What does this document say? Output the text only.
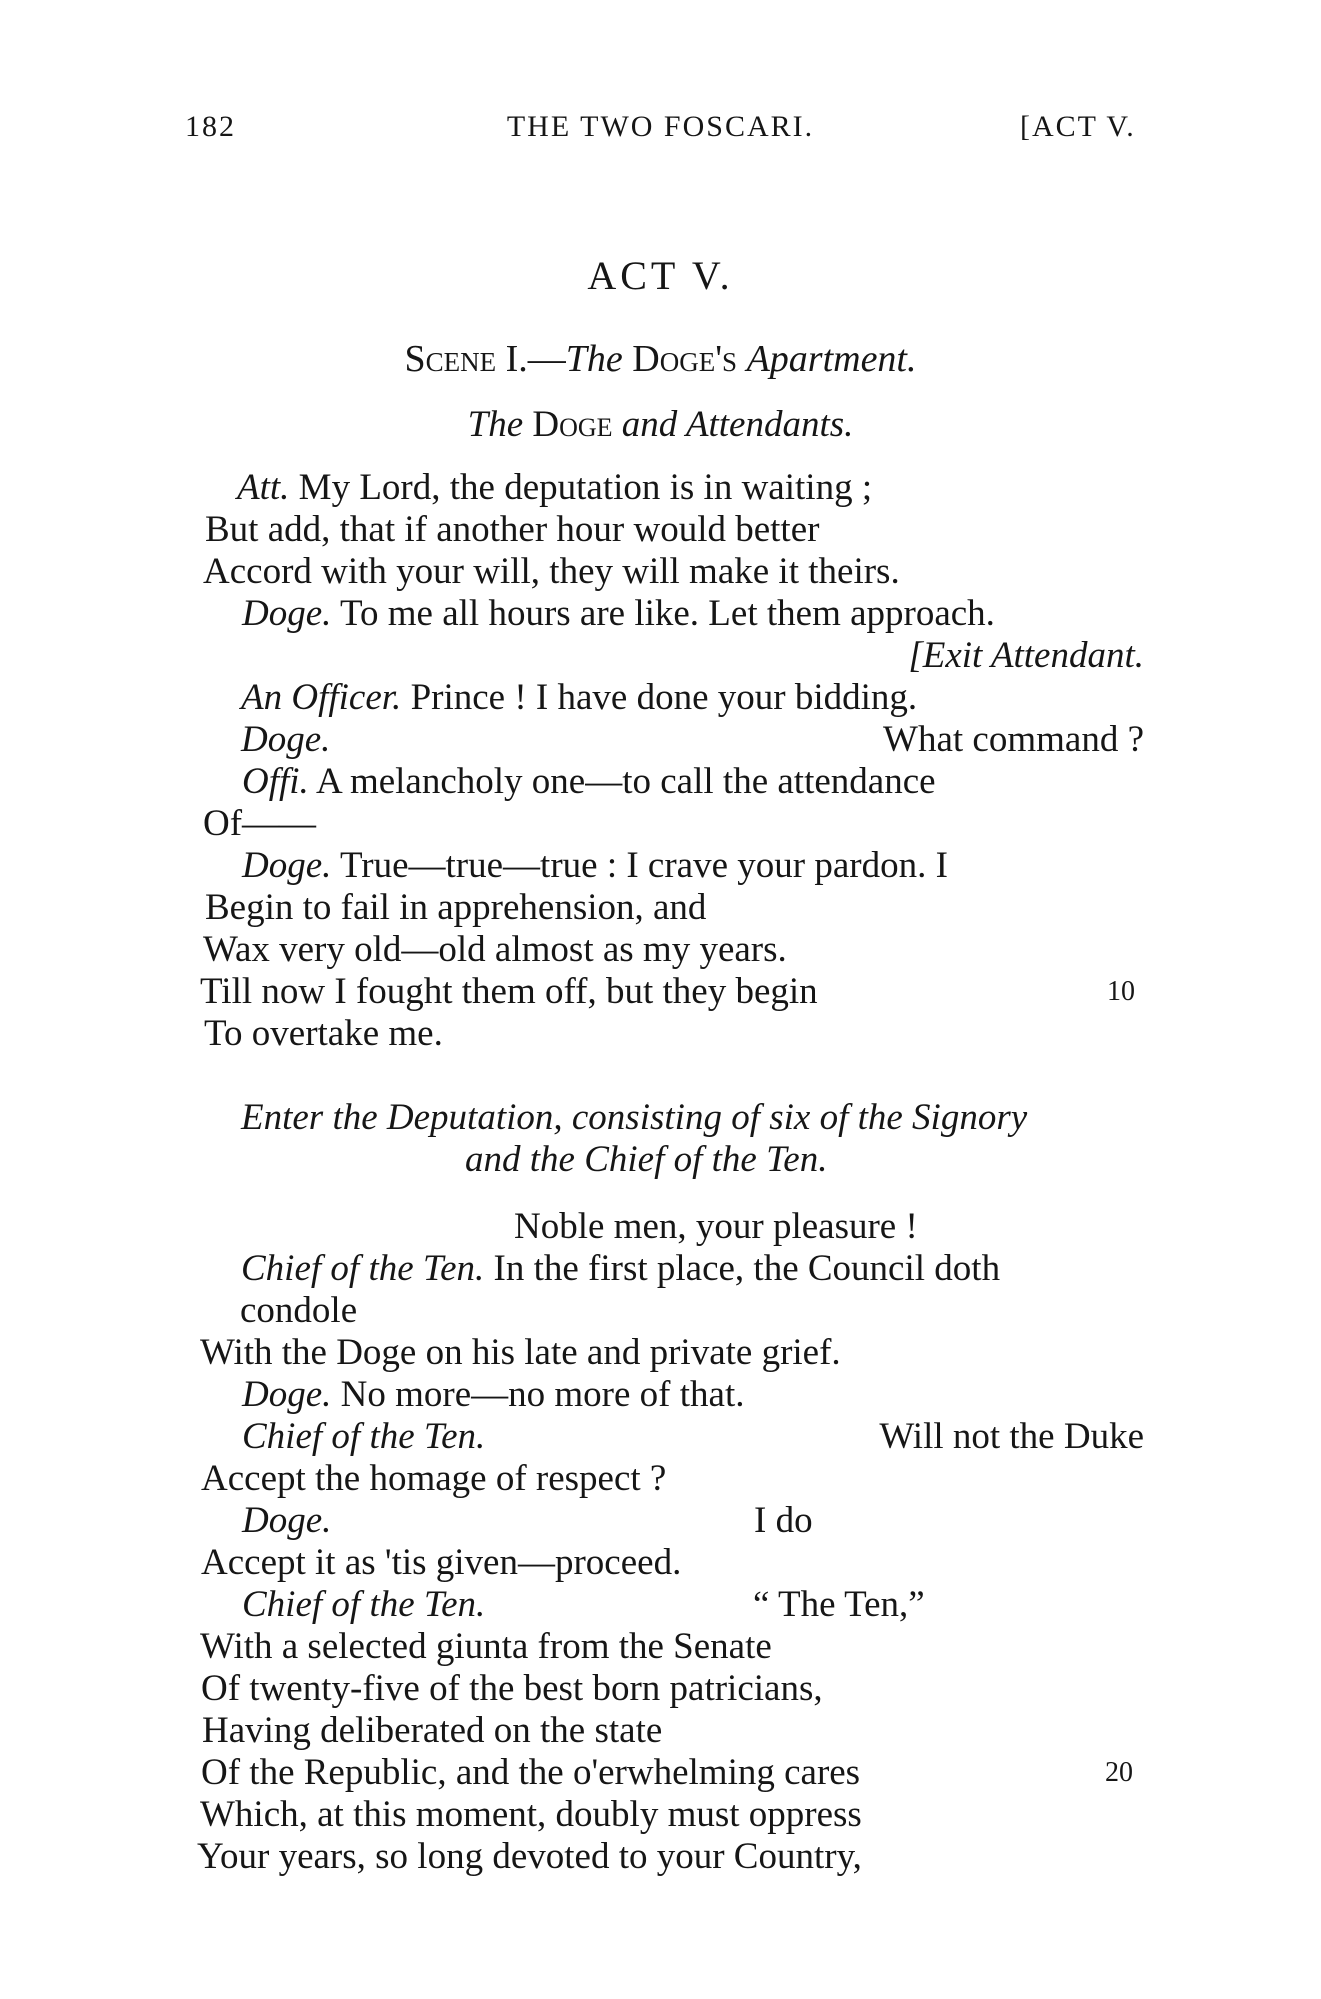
182	THE TWO FOSCARI.	[ACT V.
ACT V.
Scene I.—The Doge's Apartment.
The Doge and Attendants.
Att. My Lord, the deputation is in waiting ;
But add, that if another hour would better
Accord with your will, they will make it theirs.
Doge. To me all hours are like. Let them approach.
[Exit Attendant.
An Officer. Prince ! I have done your bidding.
Doge.	What command ?
Offi. A melancholy one—to call the attendance
Of——
Doge. True—true—true : I crave your pardon. I
Begin to fail in apprehension, and
Wax very old—old almost as my years.
Till now I fought them off, but they begin	10
To overtake me.
Enter the Deputation, consisting of six of the Signory
and the Chief of the Ten.
Noble men, your pleasure !
Chief of the Ten. In the first place, the Council doth
condole
With the Doge on his late and private grief.
Doge. No more—no more of that.
Chief of the Ten.	Will not the Duke
Accept the homage of respect ?
Doge.	I do
Accept it as 'tis given—proceed.
Chief of the Ten.	“ The Ten,”
With a selected giunta from the Senate
Of twenty-five of the best born patricians,
Having deliberated on the state
Of the Republic, and the o'erwhelming cares	20
Which, at this moment, doubly must oppress
Your years, so long devoted to your Country,
